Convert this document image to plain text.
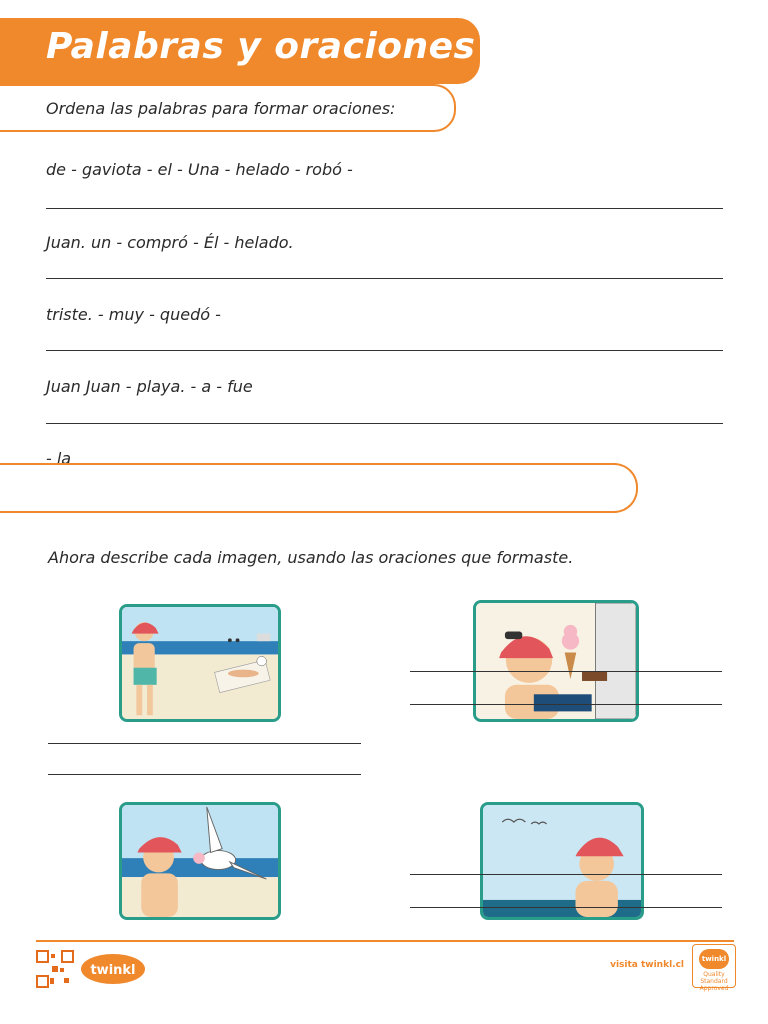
Palabras y oraciones
Ordena las palabras para formar oraciones:
de - gaviota - el - Una - helado - robó -
Juan. un - compró - Él - helado.
triste. - muy - quedó -
Juan Juan - playa. - a - fue
- la
Ahora describe cada imagen, usando las oraciones que formaste.
twinkl	visita twinkl.cl
twinkl
Quality Standard Approved
